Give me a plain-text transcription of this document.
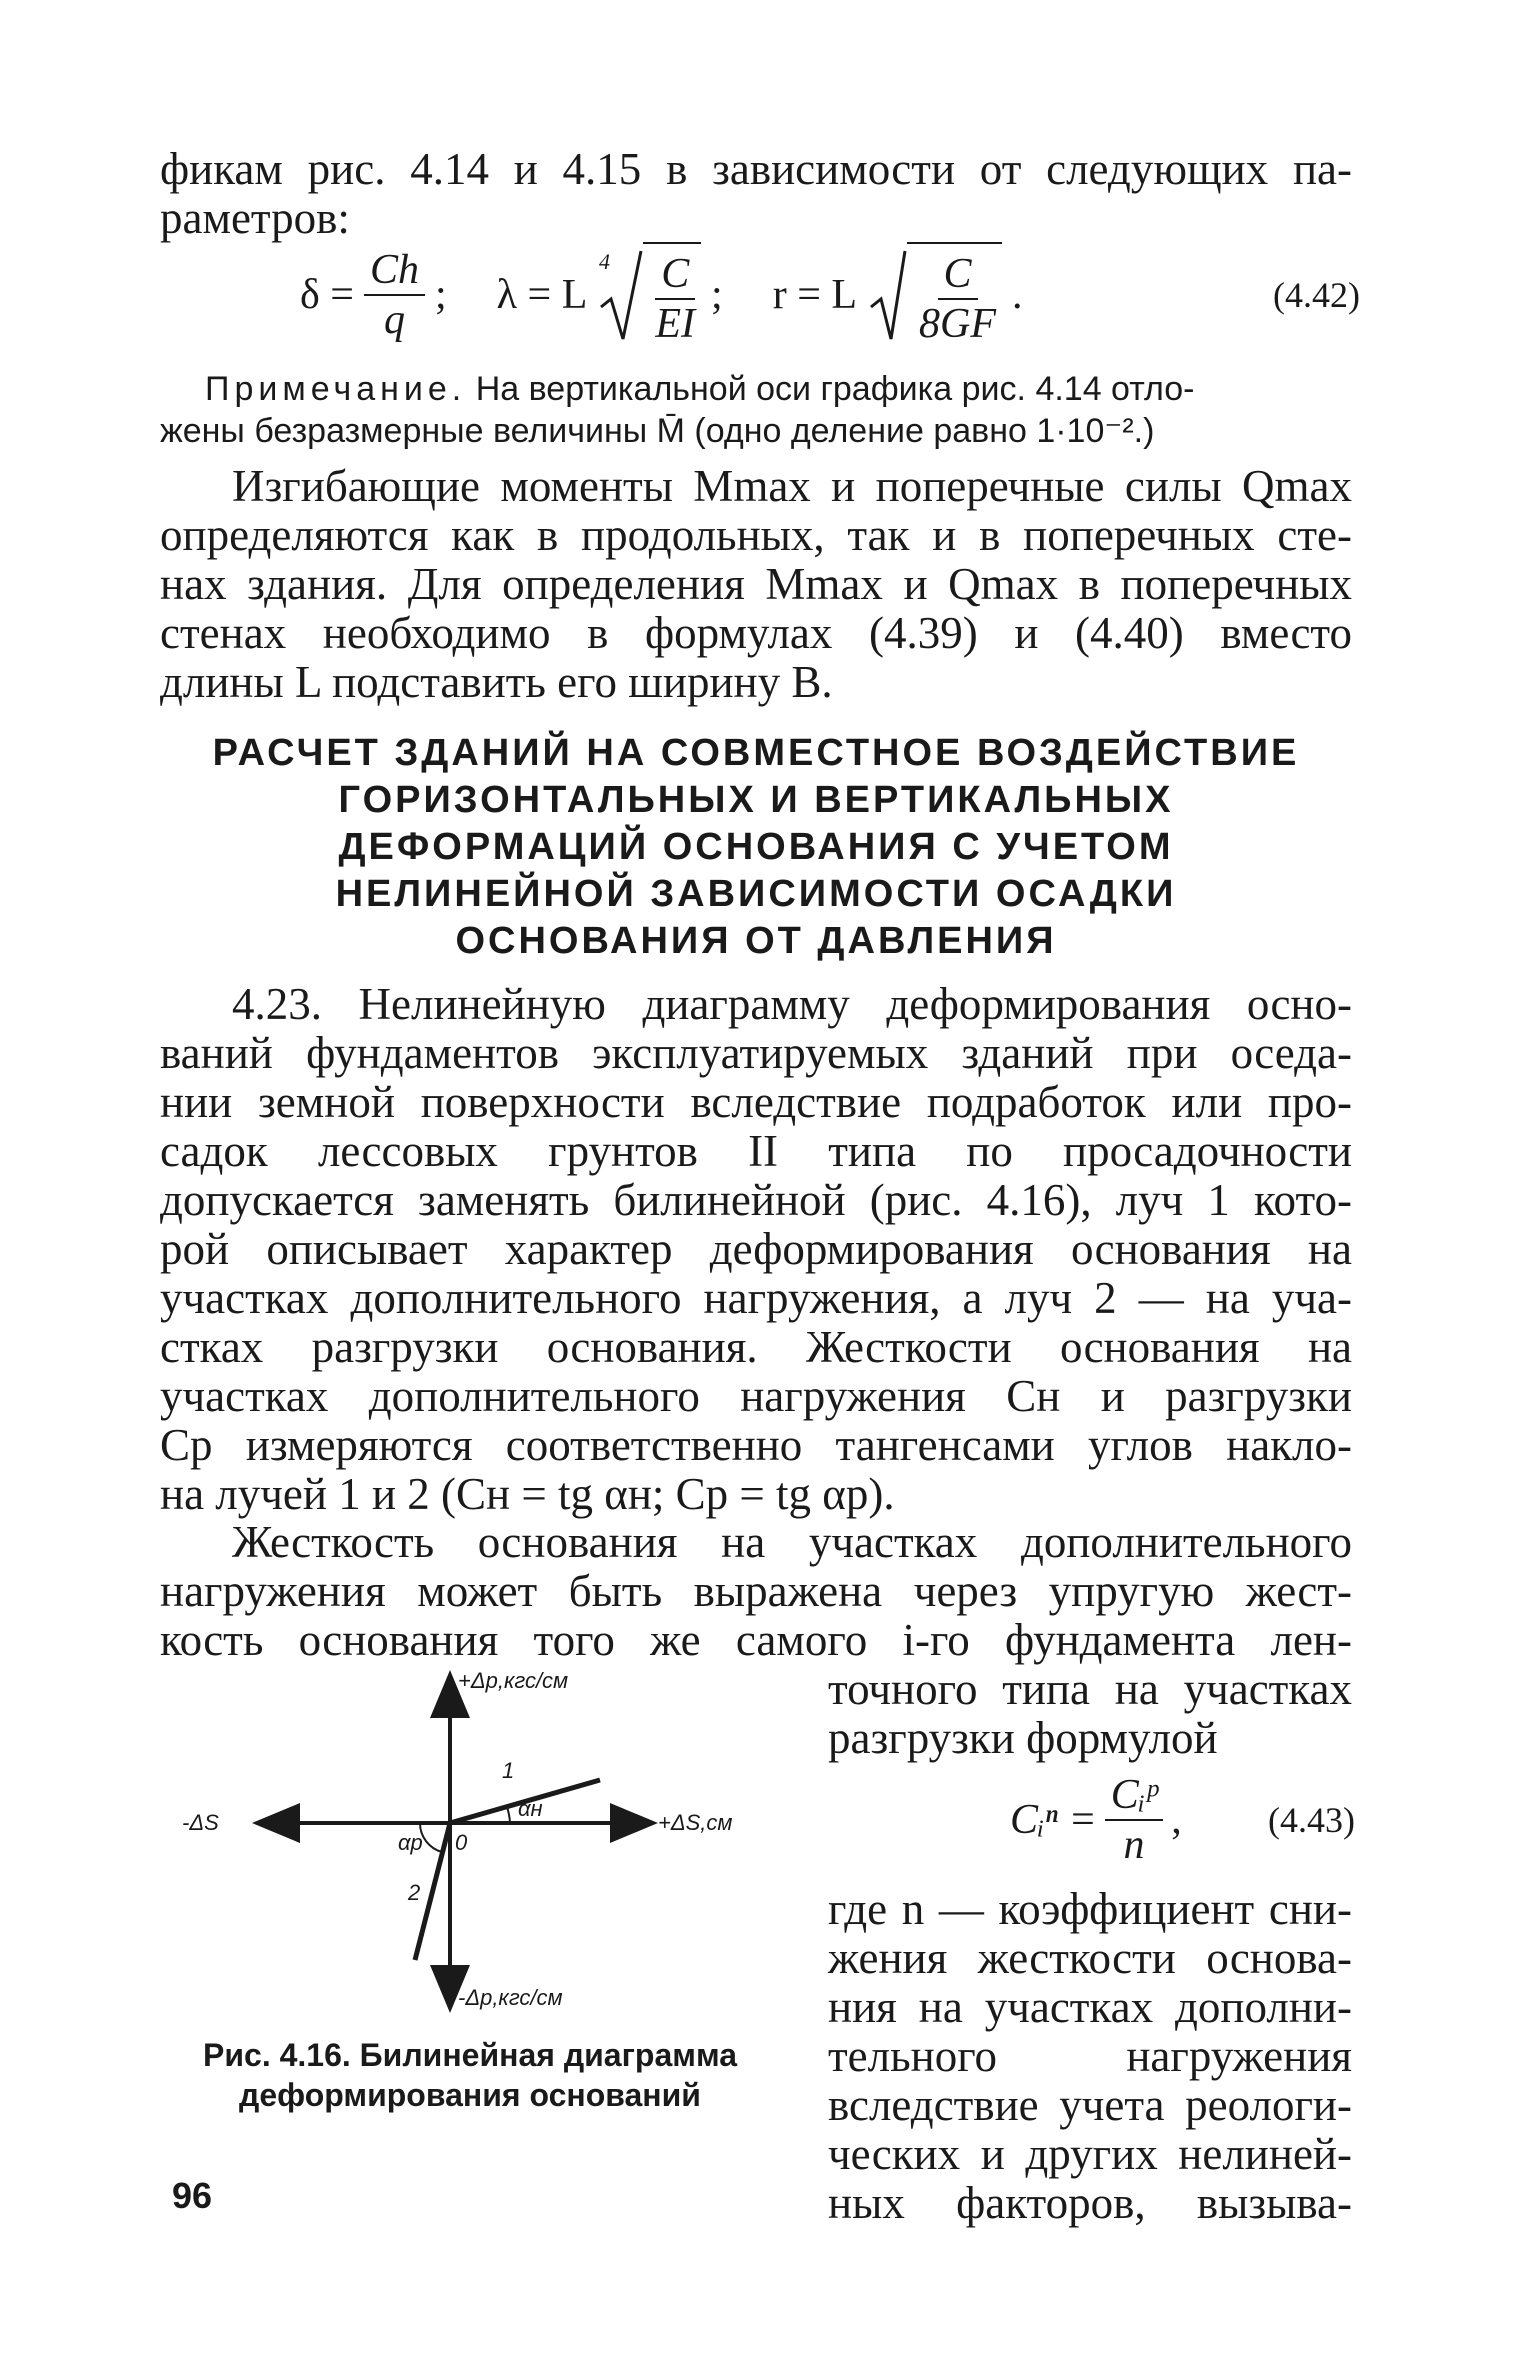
фикам рис. 4.14 и 4.15 в зависимости от следующих па-
раметров:
$\delta = \frac{Ch}{q}$ ; λ = L
$4 \frac{C}{EI}$ ; r = L $\frac{C}{8GF}$ .	(4.42)
Примечание. На вертикальной оси графика рис. 4.14 отло-
жены безразмерные величины M̄ (одно деление равно 1·10⁻².)
Изгибающие моменты Mmax и поперечные силы Qmax
определяются как в продольных, так и в поперечных сте-
нах здания. Для определения Mmax и Qmax в поперечных
стенах необходимо в формулах (4.39) и (4.40) вместо
длины L подставить его ширину B.
РАСЧЕТ ЗДАНИЙ НА СОВМЕСТНОЕ ВОЗДЕЙСТВИЕ
ГОРИЗОНТАЛЬНЫХ И ВЕРТИКАЛЬНЫХ
ДЕФОРМАЦИЙ ОСНОВАНИЯ С УЧЕТОМ
НЕЛИНЕЙНОЙ ЗАВИСИМОСТИ ОСАДКИ
ОСНОВАНИЯ ОТ ДАВЛЕНИЯ
4.23. Нелинейную диаграмму деформирования осно-
ваний фундаментов эксплуатируемых зданий при оседа-
нии земной поверхности вследствие подработок или про-
садок лессовых грунтов II типа по просадочности
допускается заменять билинейной (рис. 4.16), луч 1 кото-
рой описывает характер деформирования основания на
участках дополнительного нагружения, а луч 2 — на уча-
стках разгрузки основания. Жесткости основания на
участках дополнительного нагружения Cн и разгрузки
Cр измеряются соответственно тангенсами углов накло-
на лучей 1 и 2 (Cн = tg αн; Cр = tg αр).
Жесткость основания на участках дополнительного
нагружения может быть выражена через упругую жест-
кость основания того же самого i-го фундамента лен-
точного типа на участках
разгрузки формулой
Cᵢⁿ = $\frac{\text{Cᵢᵖ}}{n}$ , (4.43)
где n — коэффициент сни-
жения жесткости основа-
ния на участках дополни-
тельного нагружения
вследствие учета реологи-
ческих и других нелиней-
ных факторов, вызыва-
+Δp,кгс/см
-Δp,кгс/см
-ΔS	+ΔS,см
0
1
2
αн
αр
Рис. 4.16. Билинейная диаграмма
деформирования оснований
96
